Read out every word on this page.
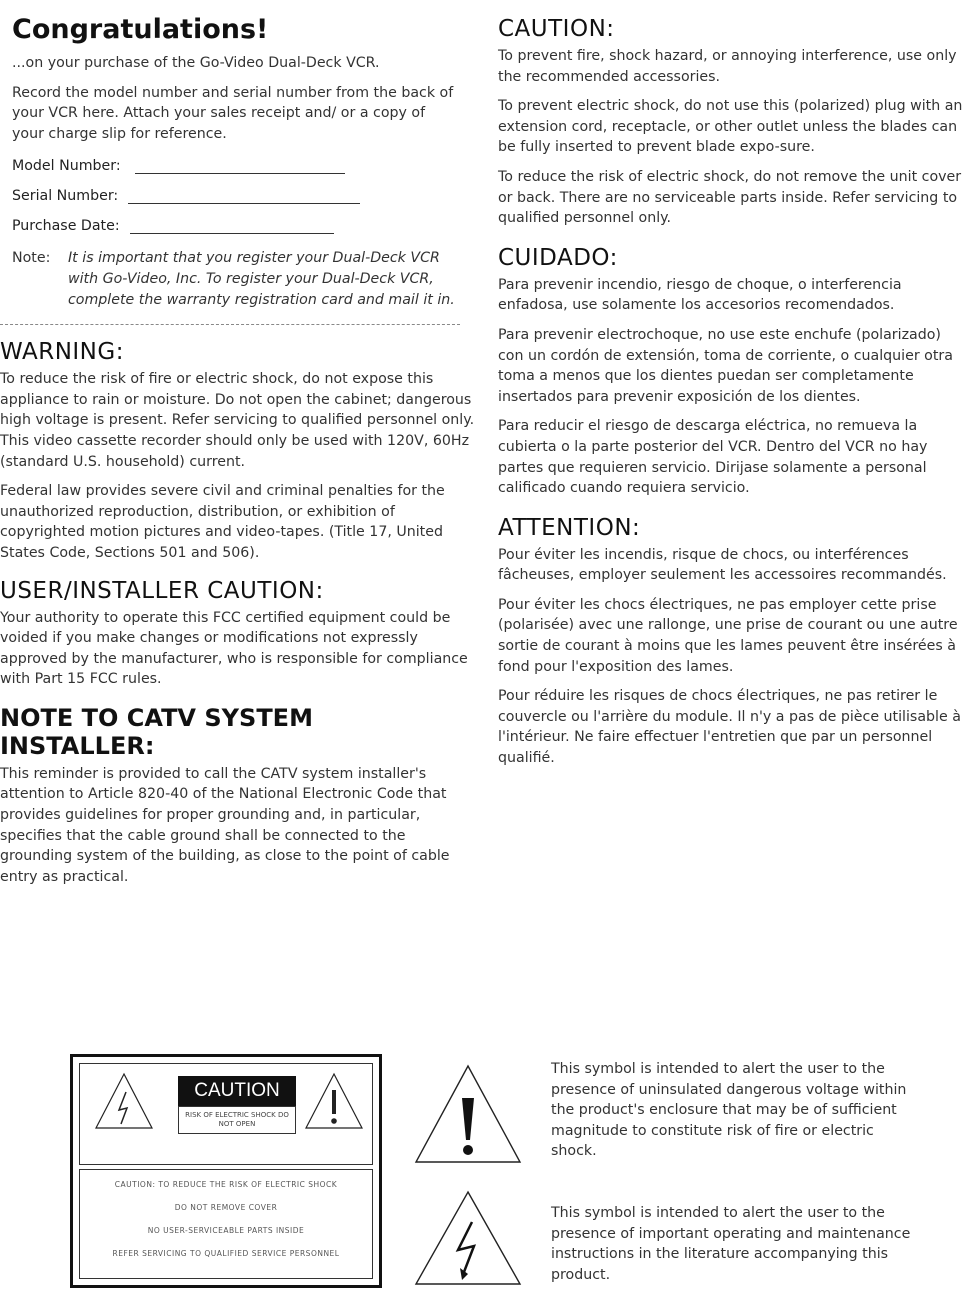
Congratulations!

...on your purchase of the Go-Video Dual-Deck VCR.

Record the model number and serial number from the back of your VCR here. Attach your sales receipt and/ or a copy of your charge slip for reference.

Model Number:
Serial Number:
Purchase Date:
Note:	It is important that you register your Dual-Deck VCR with Go-Video, Inc. To register your Dual-Deck VCR, complete the warranty registration card and mail it in.
WARNING:

To reduce the risk of fire or electric shock, do not expose this appliance to rain or moisture. Do not open the cabinet; dangerous high voltage is present. Refer servicing to qualified personnel only. This video cassette recorder should only be used with 120V, 60Hz (standard U.S. household) current.

Federal law provides severe civil and criminal penalties for the unauthorized reproduction, distribution, or exhibition of copyrighted motion pictures and video-tapes. (Title 17, United States Code, Sections 501 and 506).

USER/INSTALLER CAUTION:

Your authority to operate this FCC certified equipment could be voided if you make changes or modifications not expressly approved by the manufacturer, who is responsible for compliance with Part 15 FCC rules.

NOTE TO CATV SYSTEM INSTALLER:

This reminder is provided to call the CATV system installer's attention to Article 820-40 of the National Electronic Code that provides guidelines for proper grounding and, in particular, specifies that the cable ground shall be connected to the grounding system of the building, as close to the point of cable entry as practical.

CAUTION:

To prevent fire, shock hazard, or annoying interference, use only the recommended accessories.

To prevent electric shock, do not use this (polarized) plug with an extension cord, receptacle, or other outlet unless the blades can be fully inserted to prevent blade expo-sure.

To reduce the risk of electric shock, do not remove the unit cover or back. There are no serviceable parts inside. Refer servicing to qualified personnel only.

CUIDADO:

Para prevenir incendio, riesgo de choque, o interferencia enfadosa, use solamente los accesorios recomendados.

Para prevenir electrochoque, no use este enchufe (polarizado) con un cordón de extensión, toma de corriente, o cualquier otra toma a menos que los dientes puedan ser completamente insertados para prevenir exposición de los dientes.

Para reducir el riesgo de descarga eléctrica, no remueva la cubierta o la parte posterior del VCR. Dentro del VCR no hay partes que requieren servicio. Dirĳase solamente a personal calificado cuando requiera servicio.

ATTENTION:

Pour éviter les incendis, risque de chocs, ou interférences fâcheuses, employer seulement les accessoires recommandés.

Pour éviter les chocs électriques, ne pas employer cette prise (polarisée) avec une rallonge, une prise de courant ou une autre sortie de courant à moins que les lames peuvent être insérées à fond pour l'exposition des lames.

Pour réduire les risques de chocs électriques, ne pas retirer le couvercle ou l'arrière du module. Il n'y a pas de pièce utilisable à l'intérieur. Ne faire effectuer l'entretien que par un personnel qualifié.

CAUTION
RISK OF ELECTRIC SHOCK DO NOT OPEN
CAUTION: TO REDUCE THE RISK OF ELECTRIC SHOCK
DO NOT REMOVE COVER
NO USER-SERVICEABLE PARTS INSIDE
REFER SERVICING TO QUALIFIED SERVICE PERSONNEL

This symbol is intended to alert the user to the presence of uninsulated dangerous voltage within the product's enclosure that may be of sufficient magnitude to constitute risk of fire or electric shock.

This symbol is intended to alert the user to the presence of important operating and maintenance instructions in the literature accompanying this product.
